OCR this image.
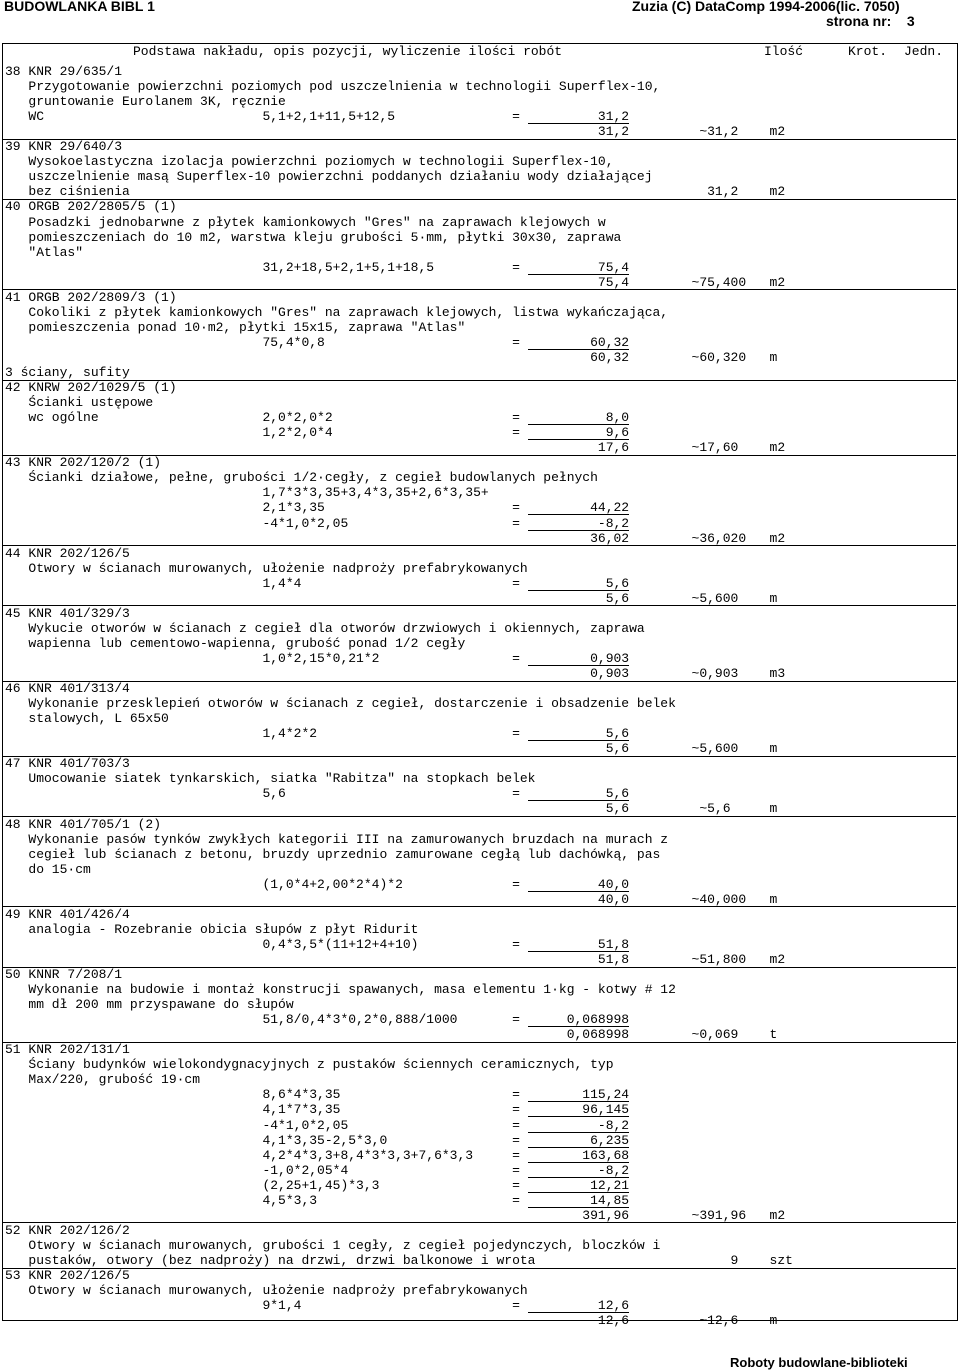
BUDOWLANKA BIBL 1	Zuzia (C) DataComp 1994-2006(lic. 7050)
strona nr:    3
Podstawa nakładu, opis pozycji, wyliczenie ilości robót	Ilość	Krot. Jedn.
38 KNR 29/635/1
Przygotowanie powierzchni poziomych pod uszczelnienia w technologii Superflex-10,
gruntowanie Eurolanem 3K, ręcznie
WC                            5,1+2,1+11,5+12,5               =          31,2
31,2         ~31,2    m2
39 KNR 29/640/3
Wysokoelastyczna izolacja powierzchni poziomych w technologii Superflex-10,
uszczelnienie masą Superflex-10 powierzchni poddanych działaniu wody działającej
bez ciśnienia                                                                          31,2    m2
40 ORGB 202/2805/5 (1)
Posadzki jednobarwne z płytek kamionkowych "Gres" na zaprawach klejowych w
pomieszczeniach do 10 m2, warstwa kleju grubości 5·mm, płytki 30x30, zaprawa
"Atlas"
31,2+18,5+2,1+5,1+18,5          =          75,4
75,4        ~75,400   m2
41 ORGB 202/2809/3 (1)
Cokoliki z płytek kamionkowych "Gres" na zaprawach klejowych, listwa wykańczająca,
pomieszczenia ponad 10·m2, płytki 15x15, zaprawa "Atlas"
75,4*0,8                        =         60,32
60,32        ~60,320   m
3 ściany, sufity
42 KNRW 202/1029/5 (1)
Ścianki ustępowe
wc ogólne                     2,0*2,0*2                       =           8,0
1,2*2,0*4                       =           9,6
17,6        ~17,60    m2
43 KNR 202/120/2 (1)
Ścianki działowe, pełne, grubości 1/2·cegły, z cegieł budowlanych pełnych
1,7*3*3,35+3,4*3,35+2,6*3,35+
2,1*3,35                        =         44,22
-4*1,0*2,05                     =          -8,2
36,02        ~36,020   m2
44 KNR 202/126/5
Otwory w ścianach murowanych, ułożenie nadproży prefabrykowanych
1,4*4                           =           5,6
5,6        ~5,600    m
45 KNR 401/329/3
Wykucie otworów w ścianach z cegieł dla otworów drzwiowych i okiennych, zaprawa
wapienna lub cementowo-wapienna, grubość ponad 1/2 cegły
1,0*2,15*0,21*2                 =         0,903
0,903        ~0,903    m3
46 KNR 401/313/4
Wykonanie przesklepień otworów w ścianach z cegieł, dostarczenie i obsadzenie belek
stalowych, L 65x50
1,4*2*2                         =           5,6
5,6        ~5,600    m
47 KNR 401/703/3
Umocowanie siatek tynkarskich, siatka "Rabitza" na stopkach belek
5,6                             =           5,6
5,6         ~5,6     m
48 KNR 401/705/1 (2)
Wykonanie pasów tynków zwykłych kategorii III na zamurowanych bruzdach na murach z
cegieł lub ścianach z betonu, bruzdy uprzednio zamurowane cegłą lub dachówką, pas
do 15·cm
(1,0*4+2,00*2*4)*2              =          40,0
40,0        ~40,000   m
49 KNR 401/426/4
analogia - Rozebranie obicia słupów z płyt Ridurit
0,4*3,5*(11+12+4+10)            =          51,8
51,8        ~51,800   m2
50 KNNR 7/208/1
Wykonanie na budowie i montaż konstrucji spawanych, masa elementu 1·kg - kotwy # 12
mm dł 200 mm przyspawane do słupów
51,8/0,4*3*0,2*0,888/1000       =      0,068998
0,068998        ~0,069    t
51 KNR 202/131/1
Ściany budynków wielokondygnacyjnych z pustaków ściennych ceramicznych, typ
Max/220, grubość 19·cm
8,6*4*3,35                      =        115,24
4,1*7*3,35                      =        96,145
-4*1,0*2,05                     =          -8,2
4,1*3,35-2,5*3,0                =         6,235
4,2*4*3,3+8,4*3*3,3+7,6*3,3     =        163,68
-1,0*2,05*4                     =          -8,2
(2,25+1,45)*3,3                 =         12,21
4,5*3,3                         =         14,85
391,96        ~391,96   m2
52 KNR 202/126/2
Otwory w ścianach murowanych, grubości 1 cegły, z cegieł pojedynczych, bloczków i
pustaków, otwory (bez nadproży) na drzwi, drzwi balkonowe i wrota                         9    szt
53 KNR 202/126/5
Otwory w ścianach murowanych, ułożenie nadproży prefabrykowanych
9*1,4                           =          12,6
12,6         ~12,6    m
Roboty budowlane-biblioteki
